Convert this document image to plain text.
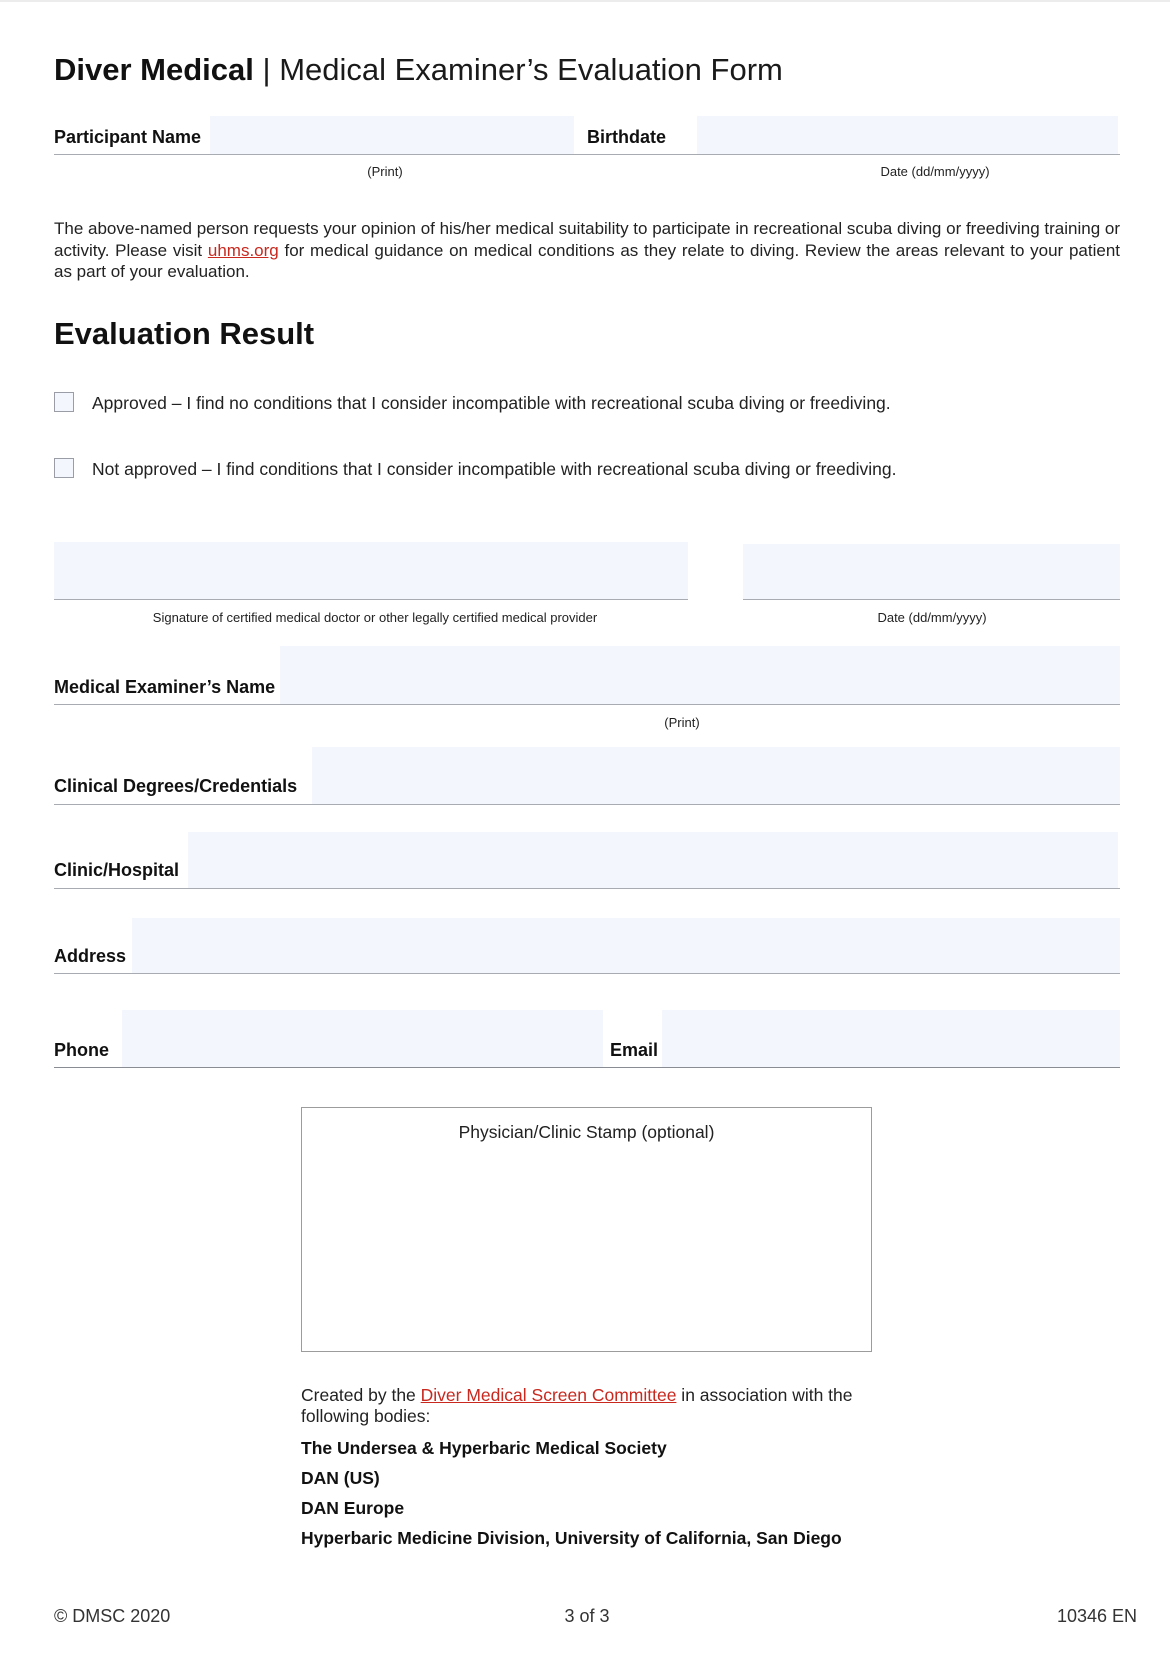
Diver Medical | Medical Examiner’s Evaluation Form
Participant Name	Birthdate
(Print)	Date (dd/mm/yyyy)
The above-named person requests your opinion of his/her medical suitability to participate in recreational scuba diving or freediving training or activity. Please visit uhms.org for medical guidance on medical conditions as they relate to diving. Review the areas relevant to your patient as part of your evaluation.
Evaluation Result
Approved – I find no conditions that I consider incompatible with recreational scuba diving or freediving.
Not approved – I find conditions that I consider incompatible with recreational scuba diving or freediving.
Signature of certified medical doctor or other legally certified medical provider	Date (dd/mm/yyyy)
Medical Examiner’s Name
(Print)
Clinical Degrees/Credentials
Clinic/Hospital
Address
Phone	Email
Physician/Clinic Stamp (optional)
Created by the Diver Medical Screen Committee in association with the following bodies:
The Undersea & Hyperbaric Medical Society
DAN (US)
DAN Europe
Hyperbaric Medicine Division, University of California, San Diego
© DMSC 2020	3 of 3	10346 EN
